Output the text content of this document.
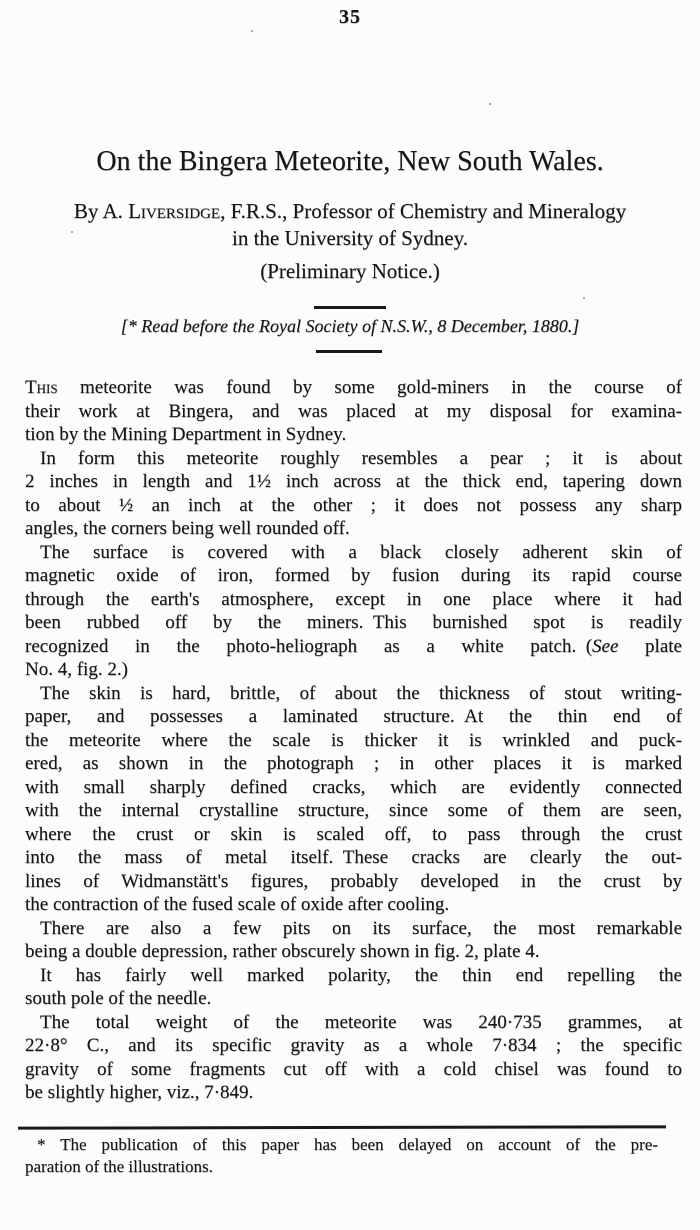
35
On the Bingera Meteorite, New South Wales.
By A. Liversidge, F.R.S., Professor of Chemistry and Mineralogy
in the University of Sydney.
(Preliminary Notice.)
[* Read before the Royal Society of N.S.W., 8 December, 1880.]
This meteorite was found by some gold-miners in the course of
their work at Bingera, and was placed at my disposal for examina-
tion by the Mining Department in Sydney.
In form this meteorite roughly resembles a pear ; it is about
2 inches in length and 1½ inch across at the thick end, tapering down
to about ½ an inch at the other ; it does not possess any sharp
angles, the corners being well rounded off.
The surface is covered with a black closely adherent skin of
magnetic oxide of iron, formed by fusion during its rapid course
through the earth's atmosphere, except in one place where it had
been rubbed off by the miners. This burnished spot is readily
recognized in the photo-heliograph as a white patch. (See plate
No. 4, fig. 2.)
The skin is hard, brittle, of about the thickness of stout writing-
paper, and possesses a laminated structure. At the thin end of
the meteorite where the scale is thicker it is wrinkled and puck-
ered, as shown in the photograph ; in other places it is marked
with small sharply defined cracks, which are evidently connected
with the internal crystalline structure, since some of them are seen,
where the crust or skin is scaled off, to pass through the crust
into the mass of metal itself. These cracks are clearly the out-
lines of Widmanstätt's figures, probably developed in the crust by
the contraction of the fused scale of oxide after cooling.
There are also a few pits on its surface, the most remarkable
being a double depression, rather obscurely shown in fig. 2, plate 4.
It has fairly well marked polarity, the thin end repelling the
south pole of the needle.
The total weight of the meteorite was 240·735 grammes, at
22·8° C., and its specific gravity as a whole 7·834 ; the specific
gravity of some fragments cut off with a cold chisel was found to
be slightly higher, viz., 7·849.
* The publication of this paper has been delayed on account of the pre-
paration of the illustrations.
